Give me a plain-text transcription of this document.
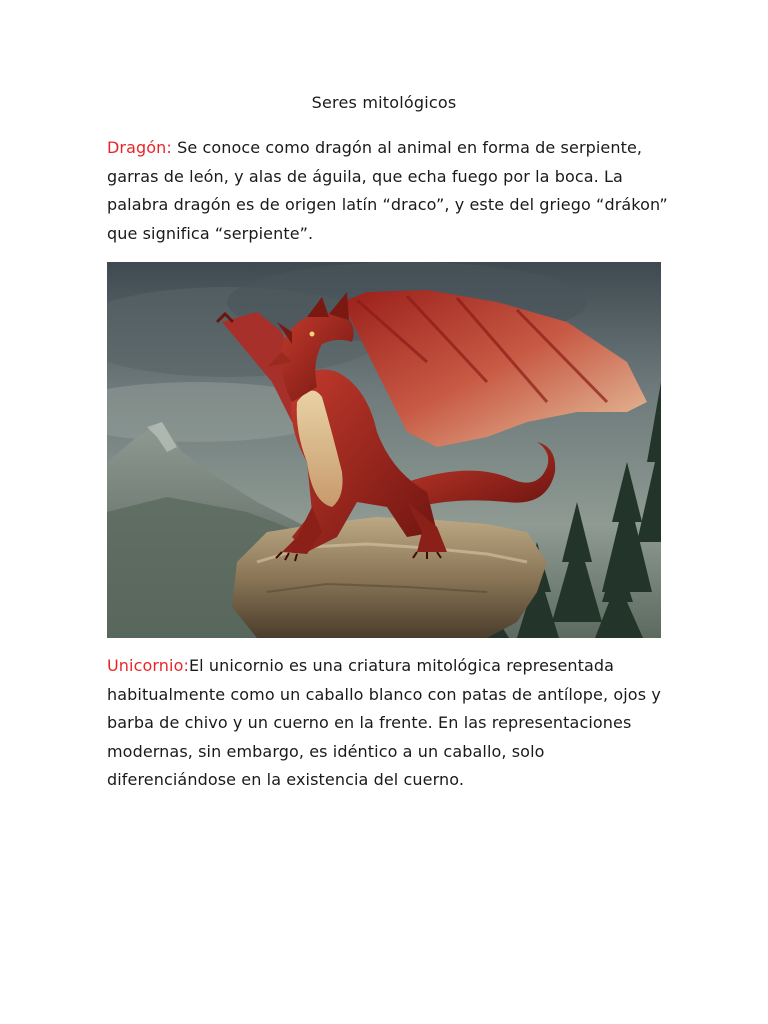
Seres mitológicos
Dragón: Se conoce como dragón al animal en forma de serpiente,
garras de león, y alas de águila, que echa fuego por la boca. La
palabra dragón es de origen latín “draco”, y este del griego “drákon”
que significa “serpiente”.
Unicornio:El unicornio es una criatura mitológica representada
habitualmente como un caballo blanco con patas de antílope, ojos y
barba de chivo y un cuerno en la frente. En las representaciones
modernas, sin embargo, es idéntico a un caballo, solo
diferenciándose en la existencia del cuerno.
